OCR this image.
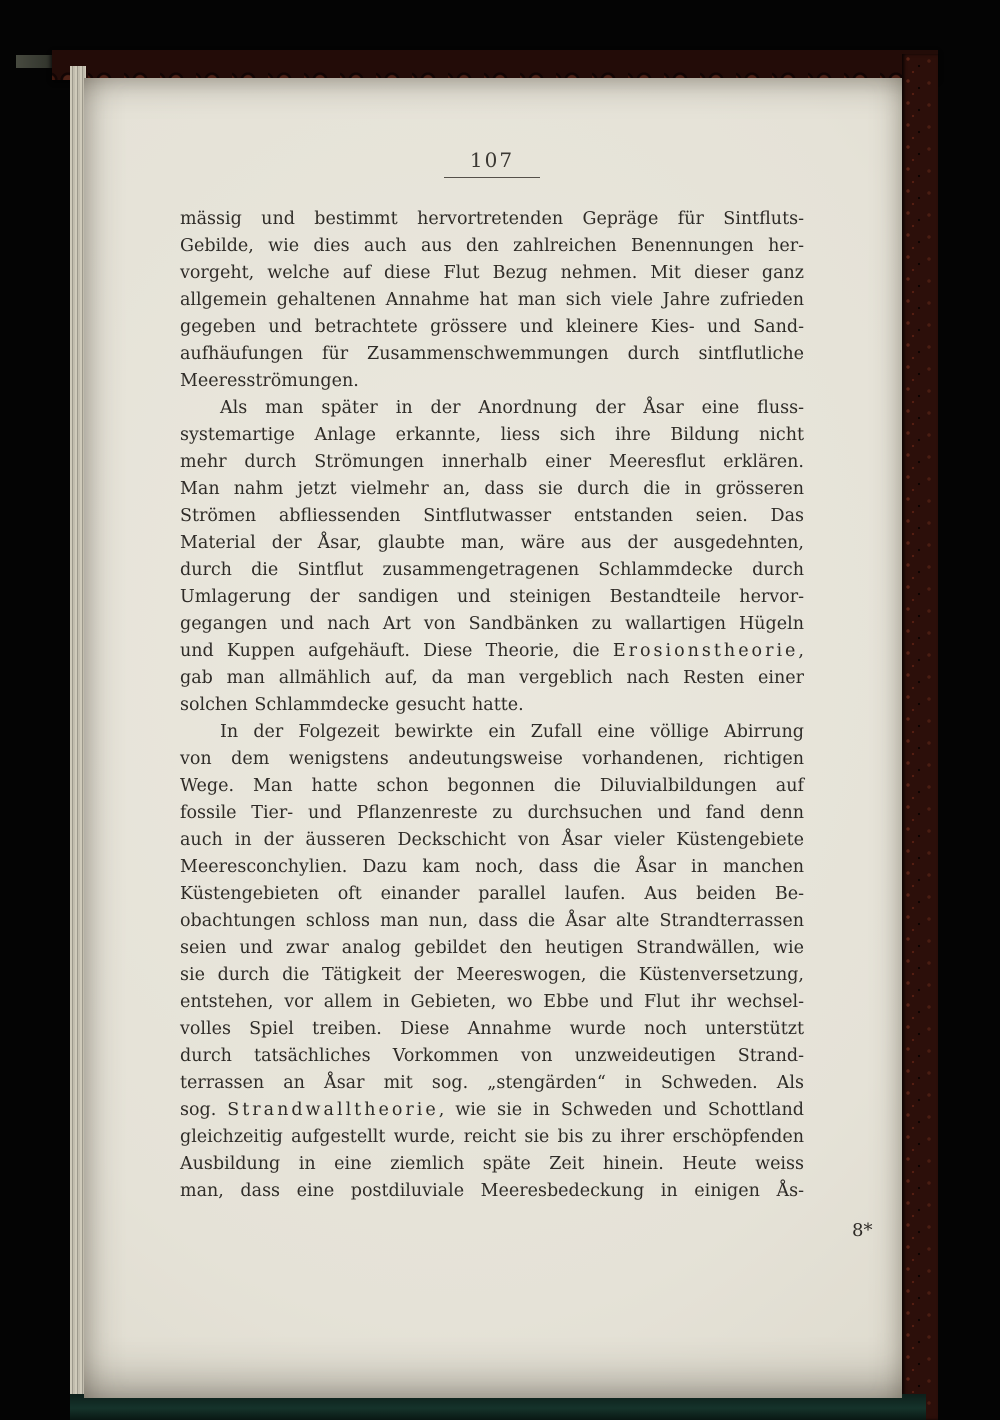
107
mässig und bestimmt hervortretenden Gepräge für Sintfluts-
Gebilde, wie dies auch aus den zahlreichen Benennungen her-
vorgeht, welche auf diese Flut Bezug nehmen. Mit dieser ganz
allgemein gehaltenen Annahme hat man sich viele Jahre zufrieden
gegeben und betrachtete grössere und kleinere Kies- und Sand-
aufhäufungen für Zusammenschwemmungen durch sintflutliche
Meeresströmungen.
Als man später in der Anordnung der Åsar eine fluss-
systemartige Anlage erkannte, liess sich ihre Bildung nicht
mehr durch Strömungen innerhalb einer Meeresflut erklären.
Man nahm jetzt vielmehr an, dass sie durch die in grösseren
Strömen abfliessenden Sintflutwasser entstanden seien. Das
Material der Åsar, glaubte man, wäre aus der ausgedehnten,
durch die Sintflut zusammengetragenen Schlammdecke durch
Umlagerung der sandigen und steinigen Bestandteile hervor-
gegangen und nach Art von Sandbänken zu wallartigen Hügeln
und Kuppen aufgehäuft. Diese Theorie, die Erosionstheorie,
gab man allmählich auf, da man vergeblich nach Resten einer
solchen Schlammdecke gesucht hatte.
In der Folgezeit bewirkte ein Zufall eine völlige Abirrung
von dem wenigstens andeutungsweise vorhandenen, richtigen
Wege. Man hatte schon begonnen die Diluvialbildungen auf
fossile Tier- und Pflanzenreste zu durchsuchen und fand denn
auch in der äusseren Deckschicht von Åsar vieler Küstengebiete
Meeresconchylien. Dazu kam noch, dass die Åsar in manchen
Küstengebieten oft einander parallel laufen. Aus beiden Be-
obachtungen schloss man nun, dass die Åsar alte Strandterrassen
seien und zwar analog gebildet den heutigen Strandwällen, wie
sie durch die Tätigkeit der Meereswogen, die Küstenversetzung,
entstehen, vor allem in Gebieten, wo Ebbe und Flut ihr wechsel-
volles Spiel treiben. Diese Annahme wurde noch unterstützt
durch tatsächliches Vorkommen von unzweideutigen Strand-
terrassen an Åsar mit sog. „stengärden“ in Schweden. Als
sog. Strandwalltheorie, wie sie in Schweden und Schottland
gleichzeitig aufgestellt wurde, reicht sie bis zu ihrer erschöpfenden
Ausbildung in eine ziemlich späte Zeit hinein. Heute weiss
man, dass eine postdiluviale Meeresbedeckung in einigen Ås-
8*
